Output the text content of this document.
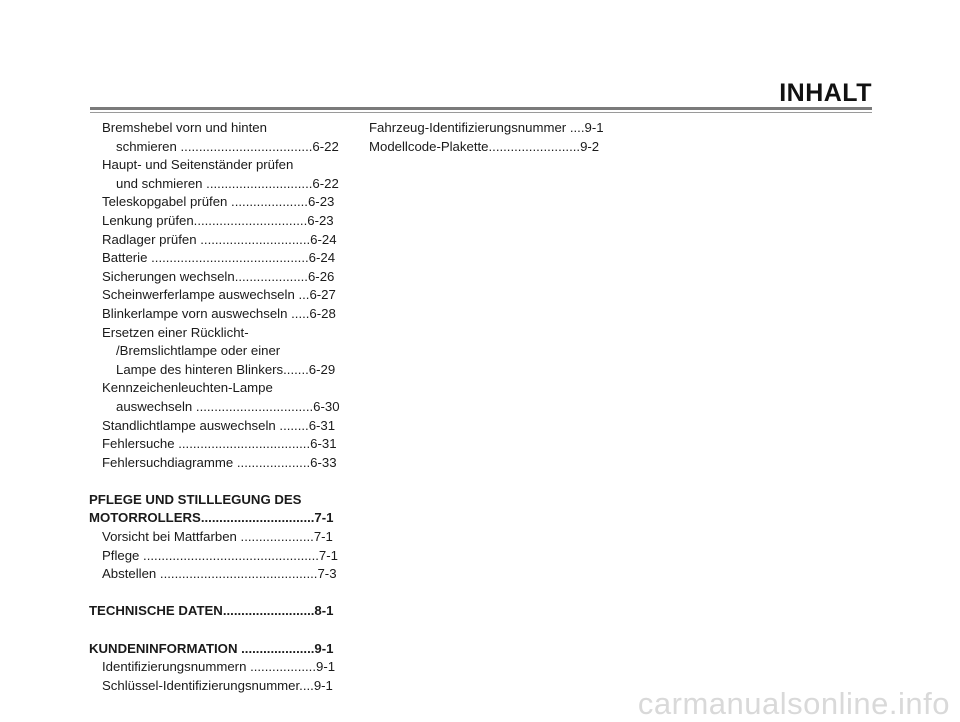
INHALT
Bremshebel vorn und hinten
schmieren ....................................6-22
Haupt- und Seitenständer prüfen
und schmieren .............................6-22
Teleskopgabel prüfen .....................6-23
Lenkung prüfen...............................6-23
Radlager prüfen ..............................6-24
Batterie ...........................................6-24
Sicherungen wechseln....................6-26
Scheinwerferlampe auswechseln ...6-27
Blinkerlampe vorn auswechseln .....6-28
Ersetzen einer Rücklicht-
/Bremslichtlampe oder einer
Lampe des hinteren Blinkers.......6-29
Kennzeichenleuchten-Lampe
auswechseln ................................6-30
Standlichtlampe auswechseln ........6-31
Fehlersuche ....................................6-31
Fehlersuchdiagramme ....................6-33
PFLEGE UND STILLLEGUNG DES
MOTORROLLERS...............................7-1
Vorsicht bei Mattfarben ....................7-1
Pflege ................................................7-1
Abstellen ...........................................7-3
TECHNISCHE DATEN.........................8-1
KUNDENINFORMATION ....................9-1
Identifizierungsnummern ..................9-1
Schlüssel-Identifizierungsnummer....9-1
Fahrzeug-Identifizierungsnummer ....9-1
Modellcode-Plakette.........................9-2
carmanualsonline.info
